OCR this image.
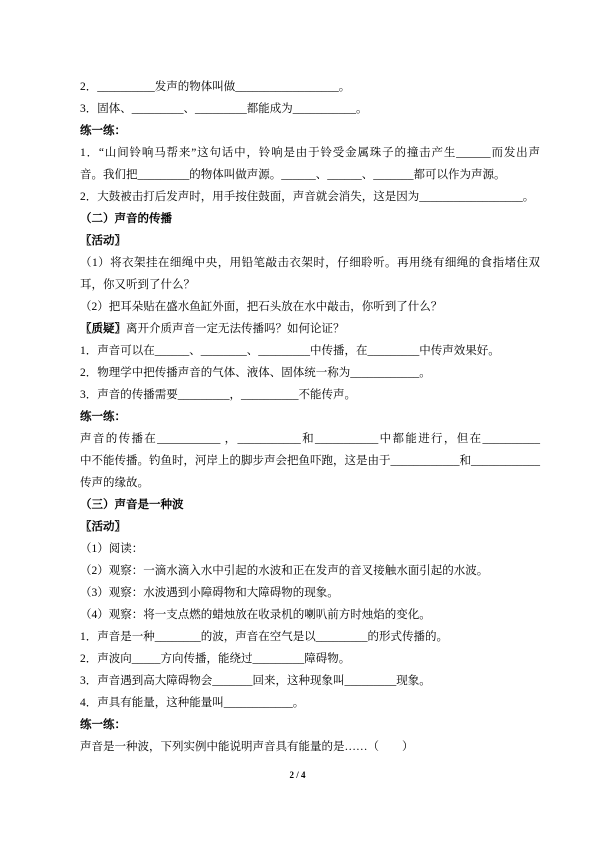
2．__________发声的物体叫做__________________。
3．固体、_________、_________都能成为___________。
练一练：
1．“山间铃响马帮来”这句话中，铃响是由于铃受金属珠子的撞击产生______而发出声
音。我们把_________的物体叫做声源。______、______、_______都可以作为声源。
2．大鼓被击打后发声时，用手按住鼓面，声音就会消失，这是因为__________________。
（二）声音的传播
〖活动〗
（1）将衣架挂在细绳中央，用铅笔敲击衣架时，仔细聆听。再用绕有细绳的食指堵住双
耳，你又听到了什么？
（2）把耳朵贴在盛水鱼缸外面，把石头放在水中敲击，你听到了什么？
〖质疑〗离开介质声音一定无法传播吗？如何论证？
1．声音可以在______、________、_________中传播，在_________中传声效果好。
2．物理学中把传播声音的气体、液体、固体统一称为____________。
3．声音的传播需要_________，__________不能传声。
练一练：
声音的传播在___________ ，___________和___________中都能进行，但在__________
中不能传播。钓鱼时，河岸上的脚步声会把鱼吓跑，这是由于____________和____________
传声的缘故。
（三）声音是一种波
〖活动〗
（1）阅读：
（2）观察：一滴水滴入水中引起的水波和正在发声的音叉接触水面引起的水波。
（3）观察：水波遇到小障碍物和大障碍物的现象。
（4）观察：将一支点燃的蜡烛放在收录机的喇叭前方时烛焰的变化。
1．声音是一种________的波，声音在空气是以_________的形式传播的。
2．声波向_____方向传播，能绕过_________障碍物。
3．声音遇到高大障碍物会_______回来，这种现象叫_________现象。
4．声具有能量，这种能量叫____________。
练一练：
声音是一种波，下列实例中能说明声音具有能量的是……（        ）
2 / 4
